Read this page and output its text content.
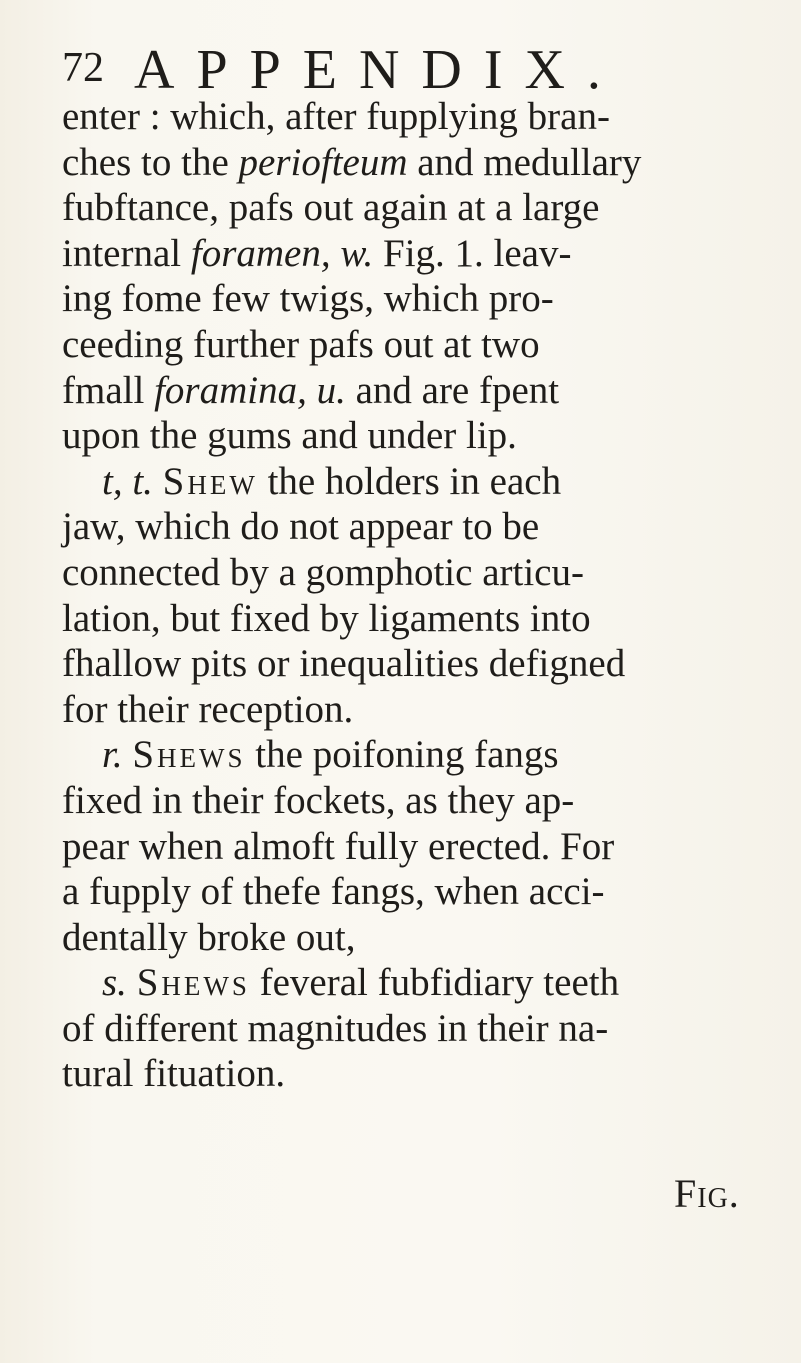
72 APPENDIX.
enter : which, after fupplying bran-
ches to the periofteum and medullary
fubftance, pafs out again at a large
internal foramen, w. Fig. 1. leav-
ing fome few twigs, which pro-
ceeding further pafs out at two
fmall foramina, u. and are fpent
upon the gums and under lip.
t, t. Shew the holders in each
jaw, which do not appear to be
connected by a gomphotic articu-
lation, but fixed by ligaments into
fhallow pits or inequalities defigned
for their reception.
r. Shews the poifoning fangs
fixed in their fockets, as they ap-
pear when almoft fully erected. For
a fupply of thefe fangs, when acci-
dentally broke out,
s. Shews feveral fubfidiary teeth
of different magnitudes in their na-
tural fituation.
Fig.
